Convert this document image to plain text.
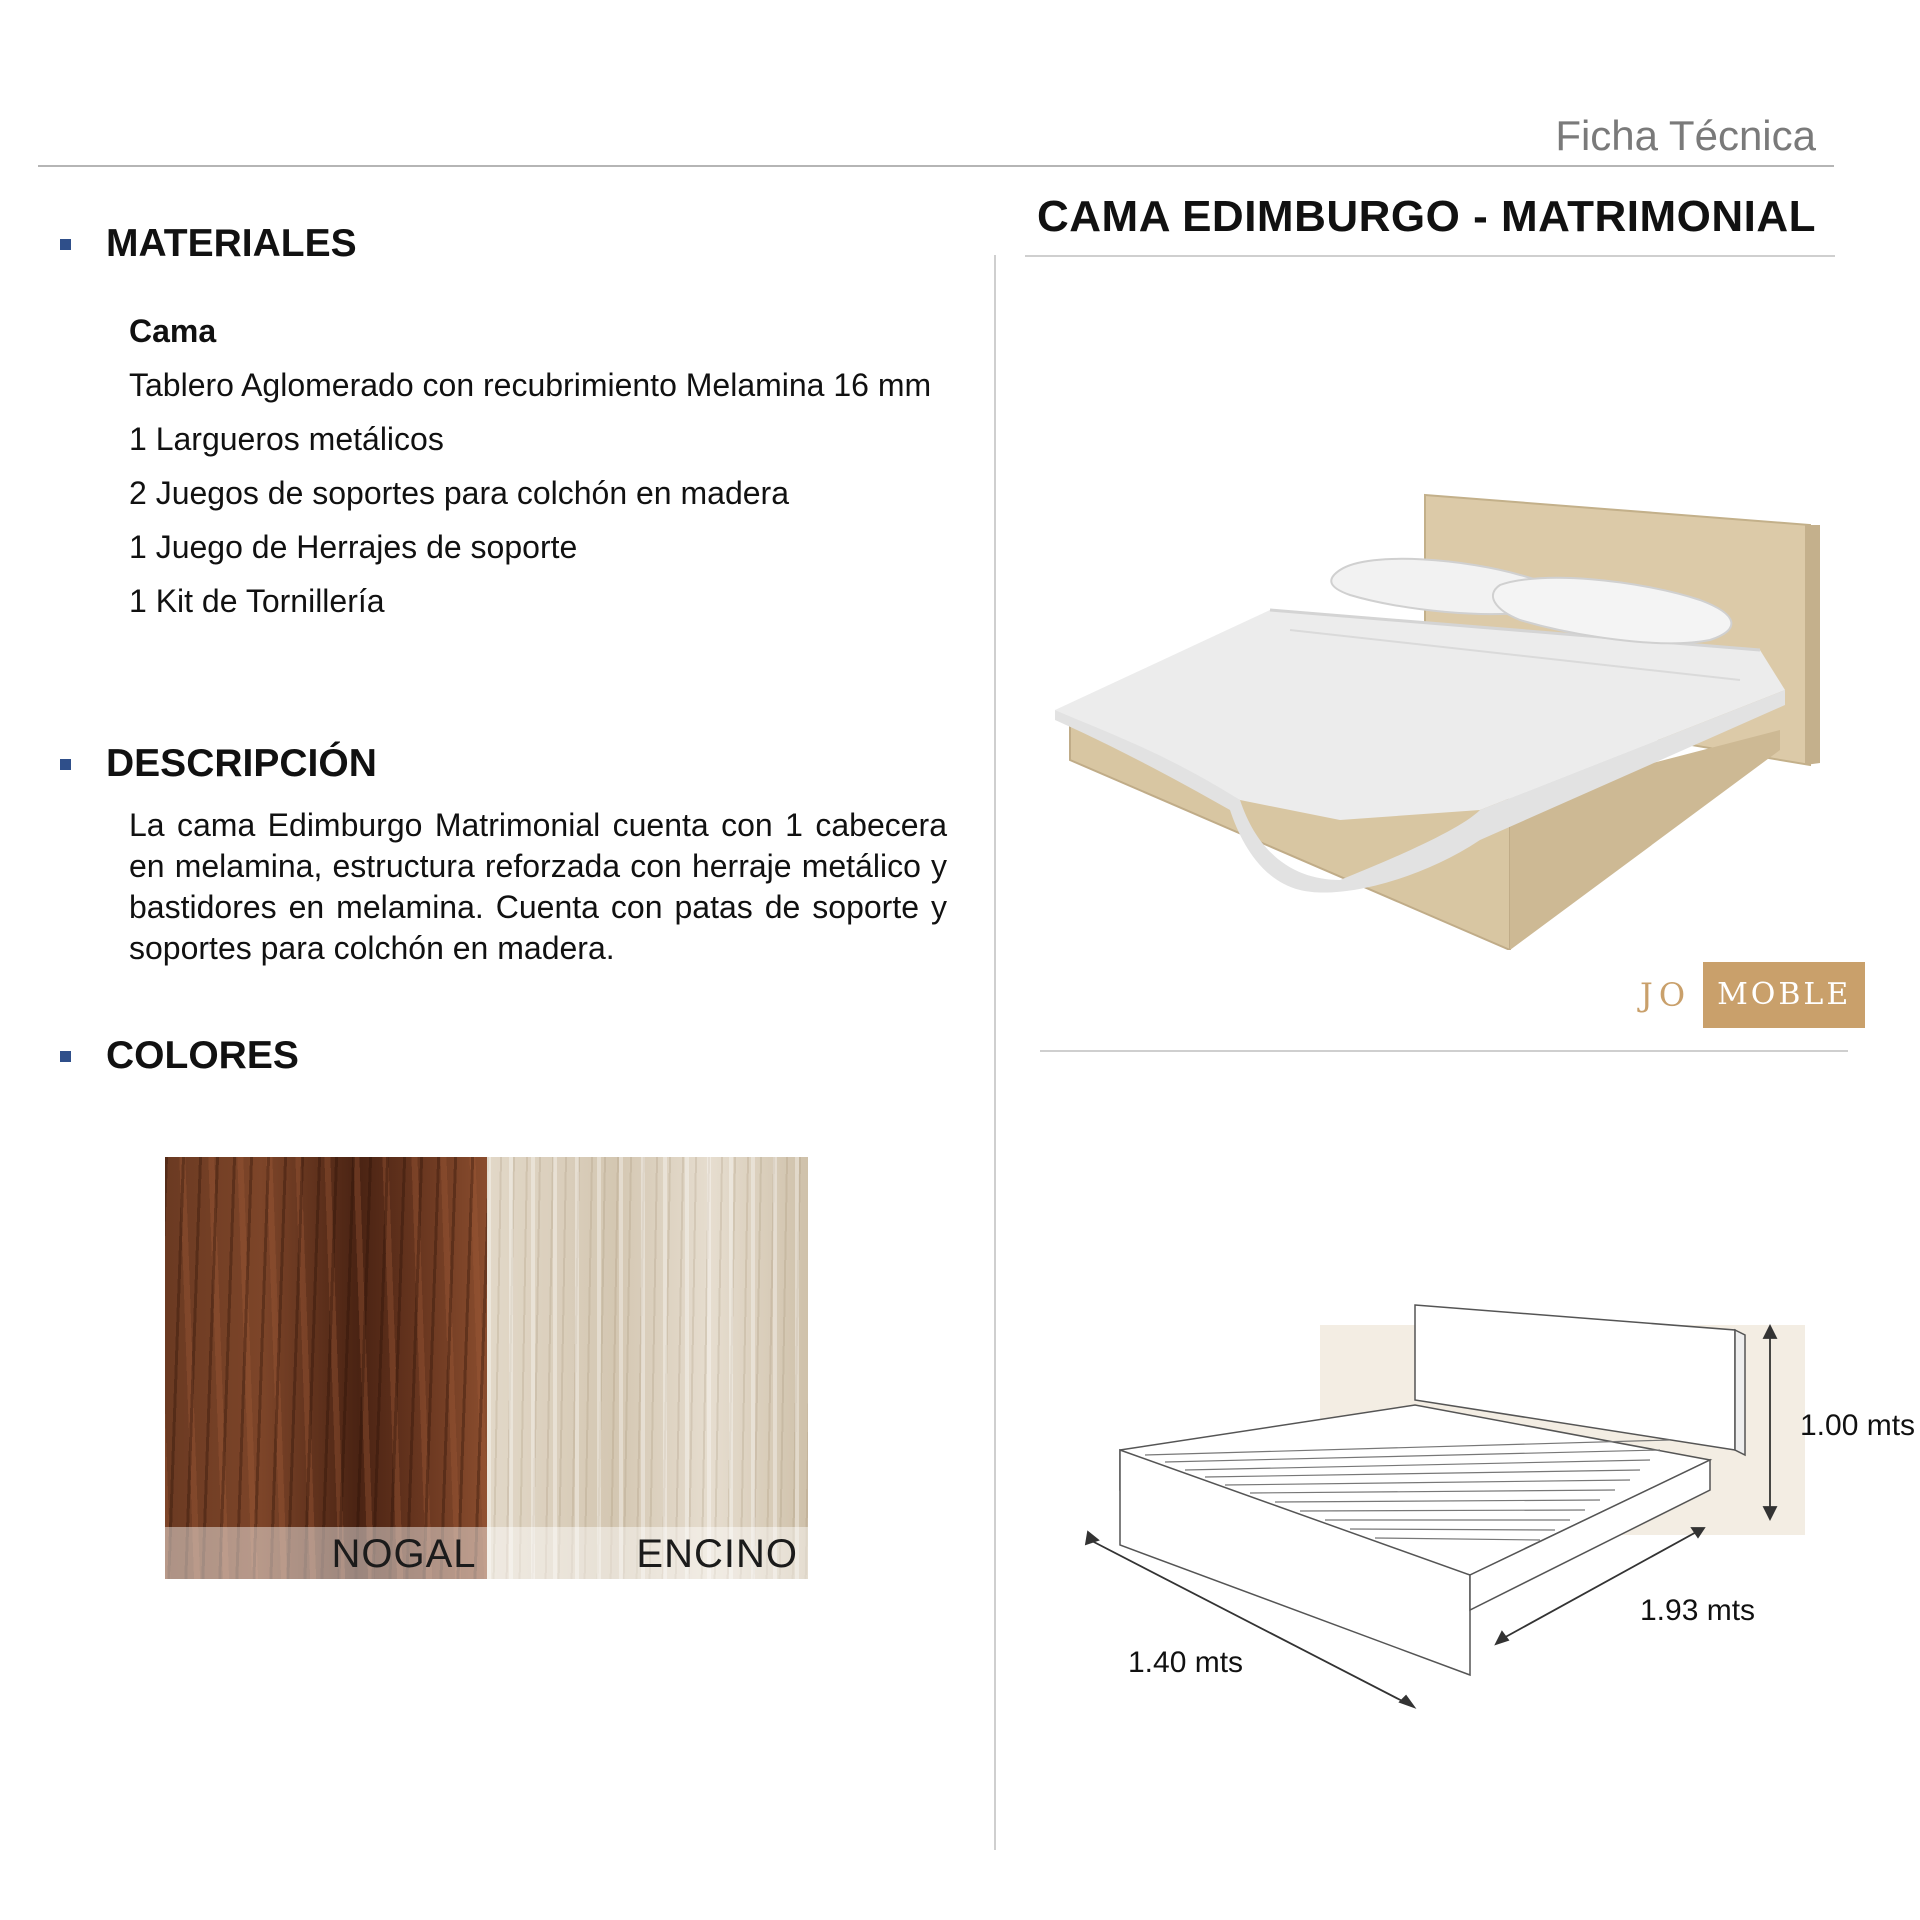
Ficha Técnica
MATERIALES
Cama
Tablero Aglomerado con recubrimiento Melamina 16 mm
1 Largueros metálicos
2 Juegos de soportes para colchón en madera
1 Juego de Herrajes de soporte
1 Kit de Tornillería
DESCRIPCIÓN
La cama Edimburgo Matrimonial cuenta con 1 cabecera en melamina, estructura reforzada con herraje metálico y bastidores en melamina. Cuenta con patas de soporte y soportes para colchón en madera.
COLORES
NOGAL	ENCINO
CAMA EDIMBURGO - MATRIMONIAL
JO MOBLE
1.00 mts
1.93 mts
1.40 mts
